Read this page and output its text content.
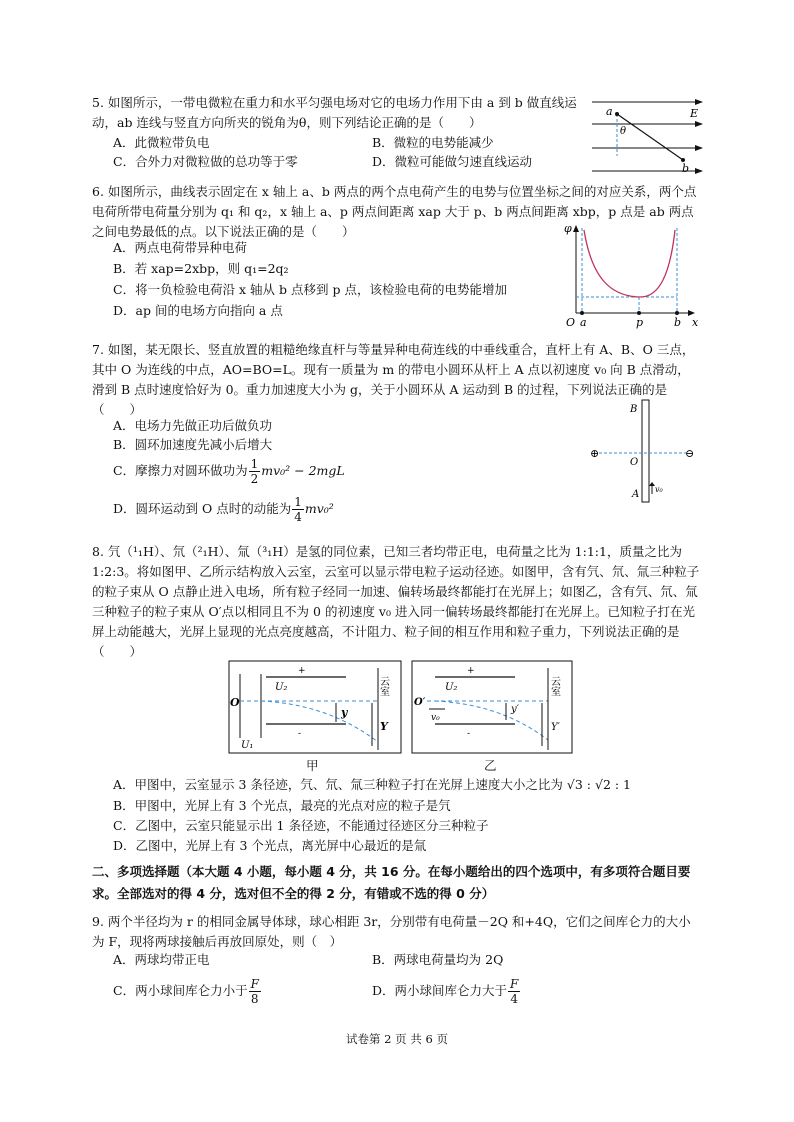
5. 如图所示，一带电微粒在重力和水平匀强电场对它的电场力作用下由 a 到 b 做直线运动，ab 连线与竖直方向所夹的锐角为θ，则下列结论正确的是（　　）
A．此微粒带负电	B．微粒的电势能减少
C．合外力对微粒做的总功等于零	D．微粒可能做匀速直线运动
a
b
E
θ
6. 如图所示，曲线表示固定在 x 轴上 a、b 两点的两个点电荷产生的电势与位置坐标之间的对应关系，两个点电荷所带电荷量分别为 q₁ 和 q₂，x 轴上 a、p 两点间距离 xap 大于 p、b 两点间距离 xbp，p 点是 ab 两点之间电势最低的点。以下说法正确的是（　　）
A．两点电荷带异种电荷
B．若 xap=2xbp，则 q₁=2q₂
C．将一负检验电荷沿 x 轴从 b 点移到 p 点，该检验电荷的电势能增加
D．ap 间的电场方向指向 a 点
φ
O a	p	b x
7. 如图，某无限长、竖直放置的粗糙绝缘直杆与等量异种电荷连线的中垂线重合，直杆上有 A、B、O 三点，其中 O 为连线的中点，AO=BO=L。现有一质量为 m 的带电小圆环从杆上 A 点以初速度 v₀ 向 B 点滑动，滑到 B 点时速度恰好为 0。重力加速度大小为 g，关于小圆环从 A 运动到 B 的过程，下列说法正确的是（　　）
A．电场力先做正功后做负功
B．圆环加速度先减小后增大
C．摩擦力对圆环做功为 $\frac{1}{2} mv_0^2 - 2mgL$
D．圆环运动到 O 点时的动能为 $\frac{1}{4} mv_0^2$
⊕	⊖
B
O
A v₀
8. 氕（¹₁H）、氘（²₁H）、氚（³₁H）是氢的同位素，已知三者均带正电，电荷量之比为 1:1:1，质量之比为 1:2:3。将如图甲、乙所示结构放入云室，云室可以显示带电粒子运动径迹。如图甲，含有氕、氘、氚三种粒子的粒子束从 O 点静止进入电场，所有粒子经同一加速、偏转场最终都能打在光屏上；如图乙，含有氕、氘、氚三种粒子的粒子束从 O′点以相同且不为 0 的初速度 v₀ 进入同一偏转场最终都能打在光屏上。已知粒子打在光屏上动能越大，光屏上显现的光点亮度越高，不计阻力、粒子间的相互作用和粒子重力，下列说法正确的是（　　）
O
U₂
U₁
y
Y
+
-
云室
甲
O′
U₂
v₀
y′
Y′
+
-
云室
乙
A．甲图中，云室显示 3 条径迹，氕、氘、氚三种粒子打在光屏上速度大小之比为 √3 : √2 : 1
B．甲图中，光屏上有 3 个光点，最亮的光点对应的粒子是氕
C．乙图中，云室只能显示出 1 条径迹，不能通过径迹区分三种粒子
D．乙图中，光屏上有 3 个光点，离光屏中心最近的是氚
二、多项选择题（本大题 4 小题，每小题 4 分，共 16 分。在每小题给出的四个选项中，有多项符合题目要求。全部选对的得 4 分，选对但不全的得 2 分，有错或不选的得 0 分）
9. 两个半径均为 r 的相同金属导体球，球心相距 3r，分别带有电荷量－2Q 和+4Q，它们之间库仑力的大小为 F，现将两球接触后再放回原处，则（　）
A．两球均带正电	B．两球电荷量均为 2Q
C．两小球间库仑力小于 $\frac{F}{8}$	D．两小球间库仑力大于 $\frac{F}{4}$
试卷第 2 页 共 6 页
